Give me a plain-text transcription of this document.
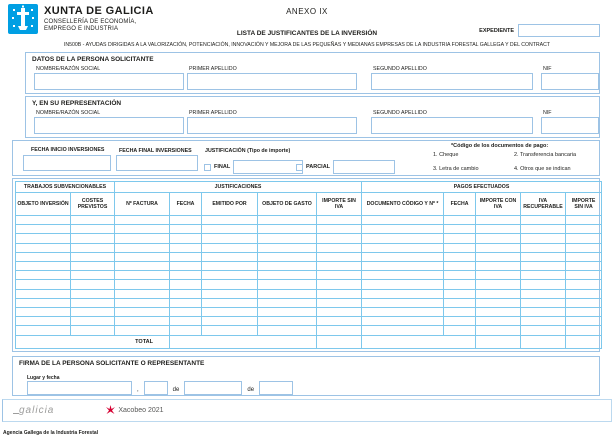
XUNTA DE GALICIA
CONSELLERÍA DE ECONOMÍA,
EMPREGO E INDUSTRIA
ANEXO IX
EXPEDIENTE
LISTA DE JUSTIFICANTES DE LA INVERSIÓN
IN500B - AYUDAS DIRIGIDAS A LA VALORIZACIÓN, POTENCIACIÓN, INNOVACIÓN Y MEJORA DE LAS PEQUEÑAS Y MEDIANAS EMPRESAS DE LA INDUSTRIA FORESTAL GALLEGA Y DEL CONTRACT
DATOS DE LA PERSONA SOLICITANTE
NOMBRE/RAZÓN SOCIAL	PRIMER APELLIDO	SEGUNDO APELLIDO	NIF
Y, EN SU REPRESENTACIÓN
NOMBRE/RAZÓN SOCIAL	PRIMER APELLIDO	SEGUNDO APELLIDO	NIF
FECHA INICIO INVERSIONES	FECHA FINAL INVERSIONES	JUSTIFICACIÓN (Tipo de importe)
FINAL	PARCIAL
*Código de los documentos de pago:
1. Cheque	2. Transferencia bancaria
3. Letra de cambio	4. Otros que se indican
TRABAJOS SUBVENCIONABLES		JUSTIFICACIONES					PAGOS EFECTUADOS				
OBJETO INVERSIÓN	COSTES PREVISTOS	Nº FACTURA	FECHA	EMITIDO POR	OBJETO DE GASTO	IMPORTE SIN IVA	DOCUMENTO CÓDIGO Y Nº *	FECHA	IMPORTE CON IVA	IVA RECUPERABLE	IMPORTE SIN IVA

TOTAL											
FIRMA DE LA PERSONA SOLICITANTE O REPRESENTANTE
Lugar y fecha
,	de	de
galicia	Xacobeo 2021
Agencia Gallega de la Industria Forestal
